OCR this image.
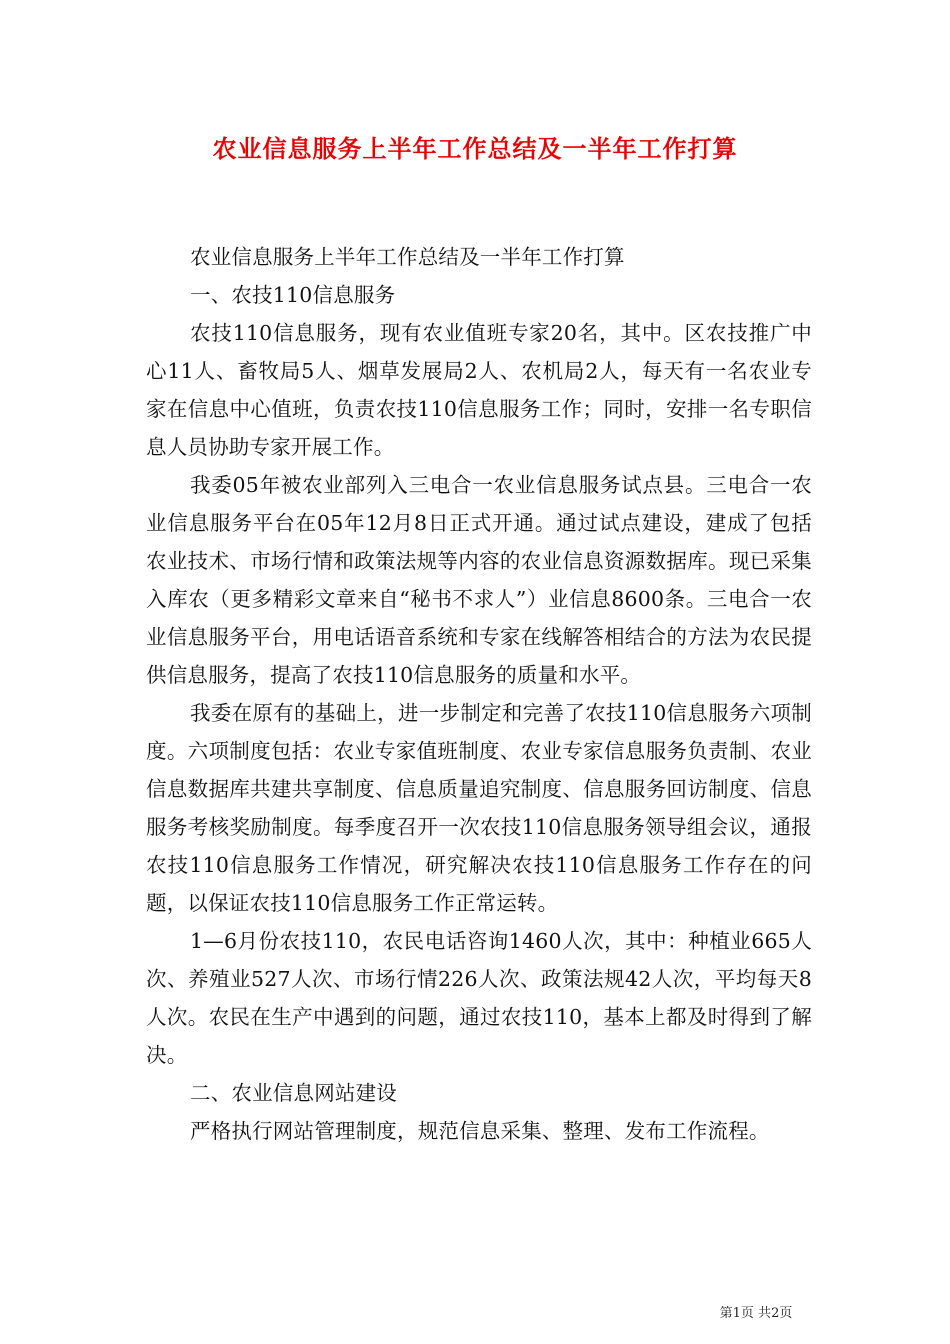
农业信息服务上半年工作总结及一半年工作打算

农业信息服务上半年工作总结及一半年工作打算

一、农技110信息服务

农技110信息服务，现有农业值班专家20名，其中。区农技推广中心11人、畜牧局5人、烟草发展局2人、农机局2人，每天有一名农业专家在信息中心值班，负责农技110信息服务工作；同时，安排一名专职信息人员协助专家开展工作。

我委05年被农业部列入三电合一农业信息服务试点县。三电合一农业信息服务平台在05年12月8日正式开通。通过试点建设，建成了包括农业技术、市场行情和政策法规等内容的农业信息资源数据库。现已采集入库农（更多精彩文章来自“秘书不求人”）业信息8600条。三电合一农业信息服务平台，用电话语音系统和专家在线解答相结合的方法为农民提供信息服务，提高了农技110信息服务的质量和水平。

我委在原有的基础上，进一步制定和完善了农技110信息服务六项制度。六项制度包括：农业专家值班制度、农业专家信息服务负责制、农业信息数据库共建共享制度、信息质量追究制度、信息服务回访制度、信息服务考核奖励制度。每季度召开一次农技110信息服务领导组会议，通报农技110信息服务工作情况，研究解决农技110信息服务工作存在的问题，以保证农技110信息服务工作正常运转。

1—6月份农技110，农民电话咨询1460人次，其中：种植业665人次、养殖业527人次、市场行情226人次、政策法规42人次，平均每天8人次。农民在生产中遇到的问题，通过农技110，基本上都及时得到了解决。

二、农业信息网站建设

严格执行网站管理制度，规范信息采集、整理、发布工作流程。

第1页 共2页
